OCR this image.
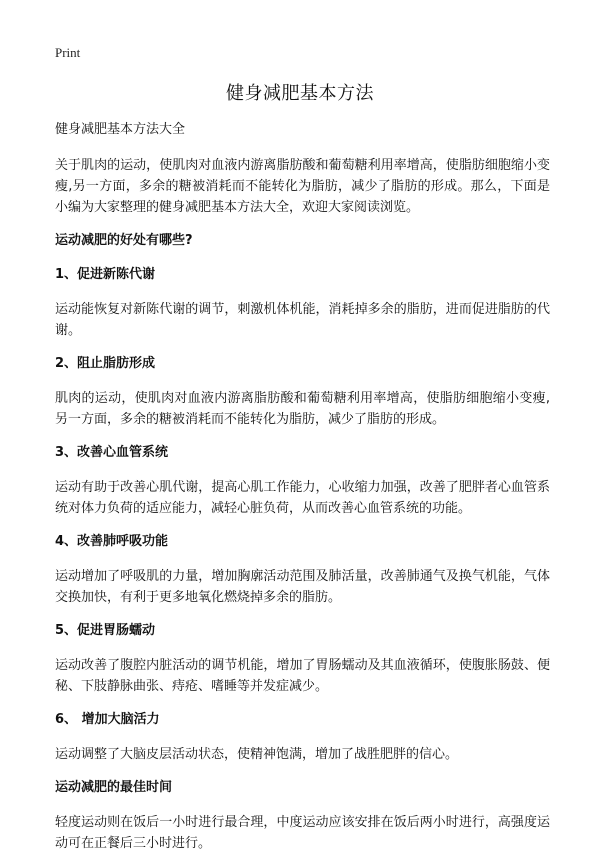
Print
健身减肥基本方法

健身减肥基本方法大全

关于肌肉的运动，使肌肉对血液内游离脂肪酸和葡萄糖利用率增高，使脂肪细胞缩小变瘦,另一方面，多余的糖被消耗而不能转化为脂肪，减少了脂肪的形成。那么，下面是小编为大家整理的健身减肥基本方法大全，欢迎大家阅读浏览。

运动减肥的好处有哪些?
1、促进新陈代谢

运动能恢复对新陈代谢的调节，刺激机体机能，消耗掉多余的脂肪，进而促进脂肪的代谢。

2、阻止脂肪形成

肌肉的运动，使肌肉对血液内游离脂肪酸和葡萄糖利用率增高，使脂肪细胞缩小变瘦,另一方面，多余的糖被消耗而不能转化为脂肪，减少了脂肪的形成。

3、改善心血管系统

运动有助于改善心肌代谢，提高心肌工作能力，心收缩力加强，改善了肥胖者心血管系统对体力负荷的适应能力，减轻心脏负荷，从而改善心血管系统的功能。

4、改善肺呼吸功能

运动增加了呼吸肌的力量，增加胸廓活动范围及肺活量，改善肺通气及换气机能，气体交换加快，有利于更多地氧化燃烧掉多余的脂肪。

5、促进胃肠蠕动

运动改善了腹腔内脏活动的调节机能，增加了胃肠蠕动及其血液循环，使腹胀肠鼓、便秘、下肢静脉曲张、痔疮、嗜睡等并发症减少。

6、 增加大脑活力

运动调整了大脑皮层活动状态，使精神饱满，增加了战胜肥胖的信心。

运动减肥的最佳时间

轻度运动则在饭后一小时进行最合理，中度运动应该安排在饭后两小时进行，高强度运动可在正餐后三小时进行。
